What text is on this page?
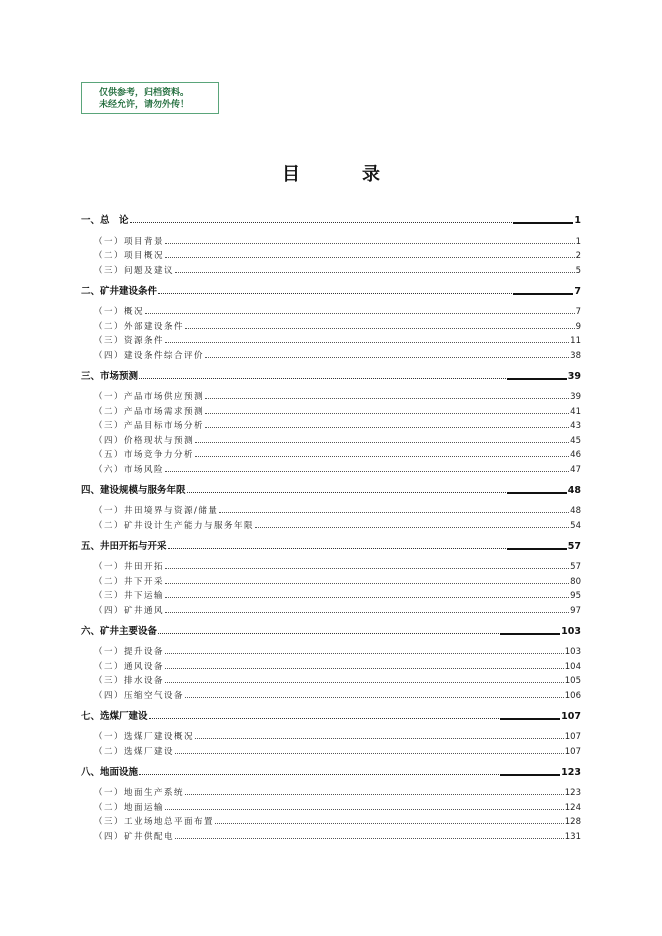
仅供参考，归档资料。
未经允许，请勿外传！
目	录
一、总　论	1
（一）项目背景	1
（二）项目概况	2
（三）问题及建议	5
二、矿井建设条件	7
（一）概况	7
（二）外部建设条件	9
（三）资源条件	11
（四）建设条件综合评价	38
三、市场预测	39
（一）产品市场供应预测	39
（二）产品市场需求预测	41
（三）产品目标市场分析	43
（四）价格现状与预测	45
（五）市场竞争力分析	46
（六）市场风险	47
四、建设规模与服务年限	48
（一）井田境界与资源/储量	48
（二）矿井设计生产能力与服务年限	54
五、井田开拓与开采	57
（一）井田开拓	57
（二）井下开采	80
（三）井下运输	95
（四）矿井通风	97
六、矿井主要设备	103
（一）提升设备	103
（二）通风设备	104
（三）排水设备	105
（四）压缩空气设备	106
七、选煤厂建设	107
（一）选煤厂建设概况	107
（二）选煤厂建设	107
八、地面设施	123
（一）地面生产系统	123
（二）地面运输	124
（三）工业场地总平面布置	128
（四）矿井供配电	131
